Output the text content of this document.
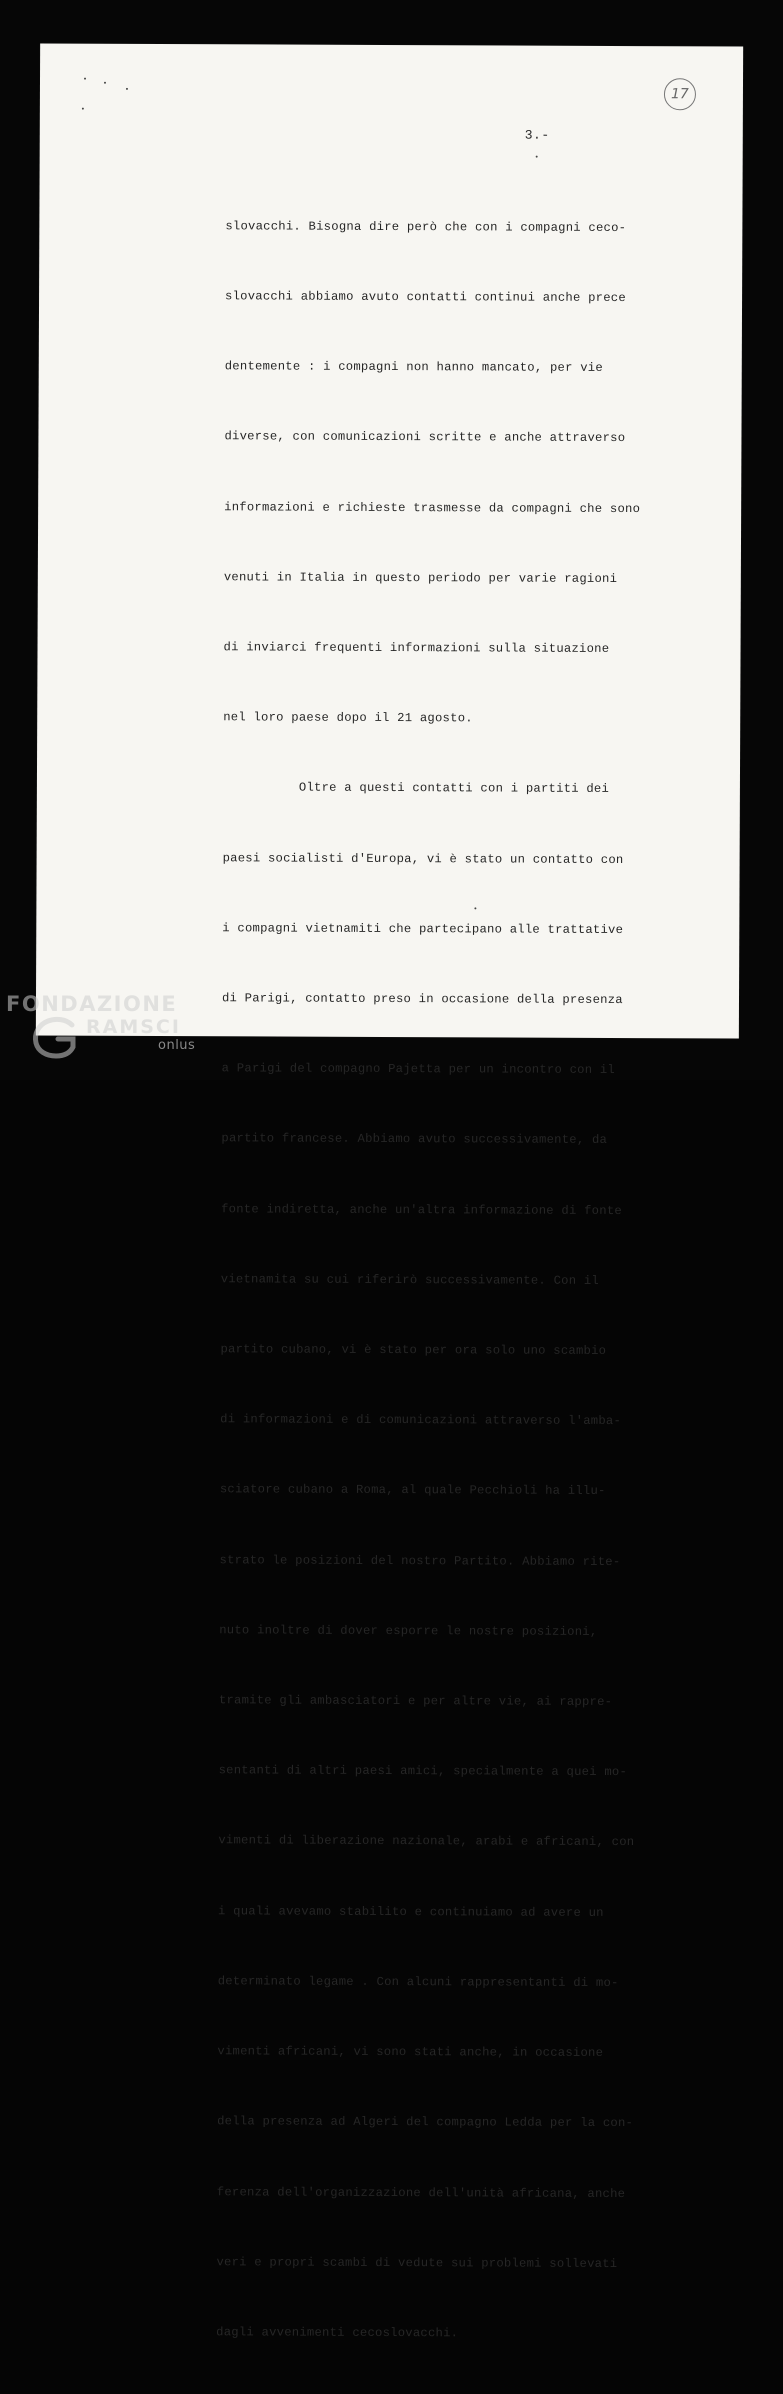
17
3.-

slovacchi. Bisogna dire però che con i compagni ceco-

slovacchi abbiamo avuto contatti continui anche prece

dentemente : i compagni non hanno mancato, per vie

diverse, con comunicazioni scritte e anche attraverso

informazioni e richieste trasmesse da compagni che sono

venuti in Italia in questo periodo per varie ragioni

di inviarci frequenti informazioni sulla situazione

nel loro paese dopo il 21 agosto.

Oltre a questi contatti con i partiti dei

paesi socialisti d'Europa, vi è stato un contatto con

i compagni vietnamiti che partecipano alle trattative

di Parigi, contatto preso in occasione della presenza

a Parigi del compagno Pajetta per un incontro con il

partito francese. Abbiamo avuto successivamente, da

fonte indiretta, anche un'altra informazione di fonte

vietnamita su cui riferirò successivamente. Con il

partito cubano, vi è stato per ora solo uno scambio

di informazioni e di comunicazioni attraverso l'amba-

sciatore cubano a Roma, al quale Pecchioli ha illu-

strato le posizioni del nostro Partito. Abbiamo rite-

nuto inoltre di dover esporre le nostre posizioni,

tramite gli ambasciatori e per altre vie, ai rappre-

sentanti di altri paesi amici, specialmente a quei mo-

vimenti di liberazione nazionale, arabi e africani, con

i quali avevamo stabilito e continuiamo ad avere un

determinato legame . Con alcuni rappresentanti di mo-

vimenti africani, vi sono stati anche, in occasione

della presenza ad Algeri del compagno Ledda per la con-

ferenza dell'organizzazione dell'unità africana, anche

veri e propri scambi di vedute sui problemi sollevati

dagli avvenimenti cecoslovacchi.

FONDAZIONE
RAMSCI
onlus
